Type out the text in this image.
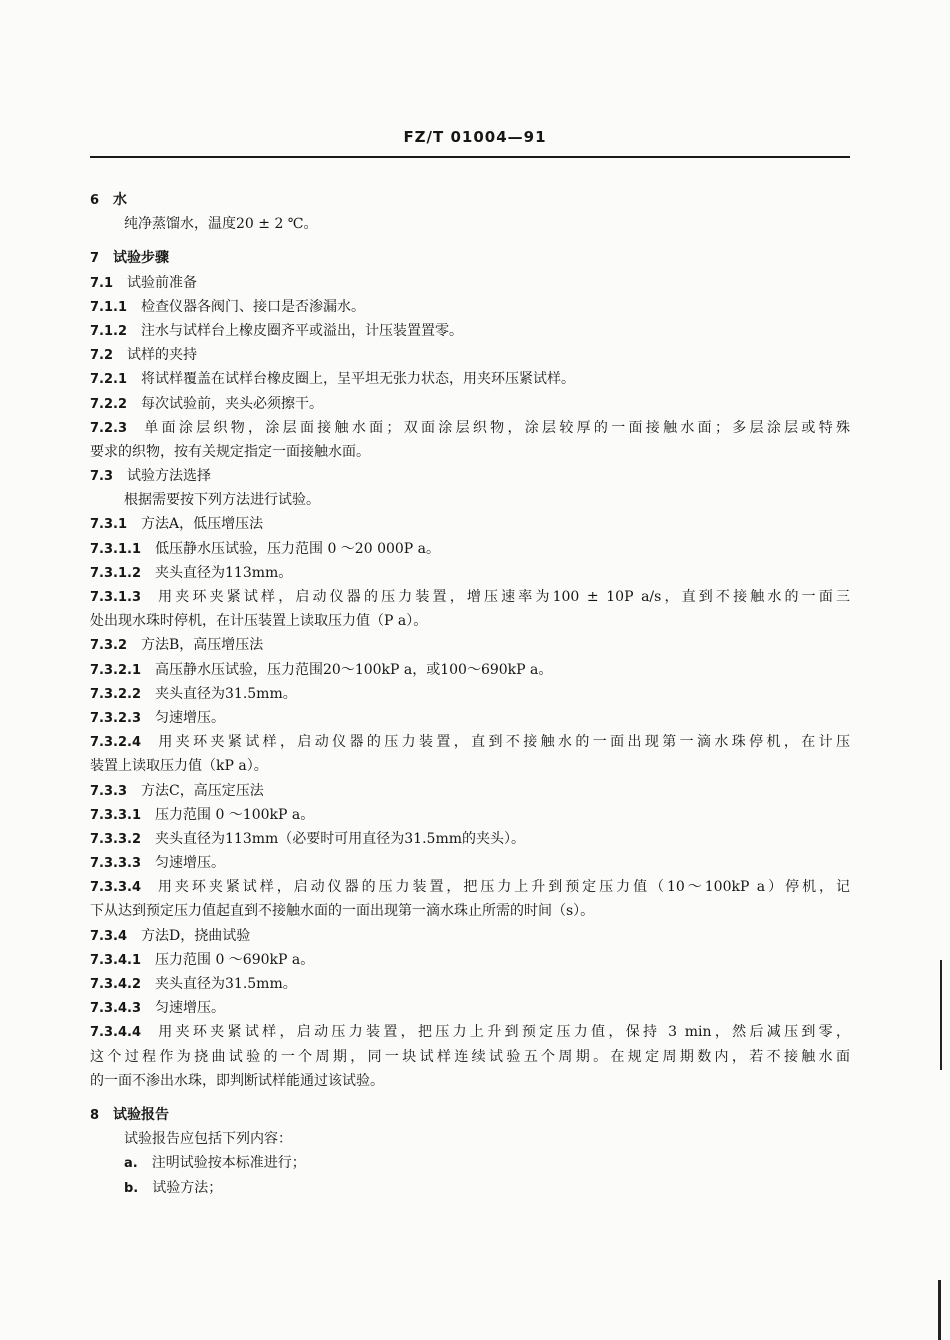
FZ/T 01004—91
6 水
纯净蒸馏水，温度20 ± 2 ℃。
7 试验步骤
7.1 试验前准备
7.1.1 检查仪器各阀门、接口是否渗漏水。
7.1.2 注水与试样台上橡皮圈齐平或溢出，计压装置置零。
7.2 试样的夹持
7.2.1 将试样覆盖在试样台橡皮圈上，呈平坦无张力状态，用夹环压紧试样。
7.2.2 每次试验前，夹头必须擦干。
7.2.3 单面涂层织物，涂层面接触水面；双面涂层织物，涂层较厚的一面接触水面；多层涂层或特殊
要求的织物，按有关规定指定一面接触水面。
7.3 试验方法选择
根据需要按下列方法进行试验。
7.3.1 方法A，低压增压法
7.3.1.1 低压静水压试验，压力范围 0 ～20 000P a。
7.3.1.2 夹头直径为113mm。
7.3.1.3 用夹环夹紧试样，启动仪器的压力装置，增压速率为100 ± 10P a/s，直到不接触水的一面三
处出现水珠时停机，在计压装置上读取压力值（P a）。
7.3.2 方法B，高压增压法
7.3.2.1 高压静水压试验，压力范围20～100kP a，或100～690kP a。
7.3.2.2 夹头直径为31.5mm。
7.3.2.3 匀速增压。
7.3.2.4 用夹环夹紧试样，启动仪器的压力装置，直到不接触水的一面出现第一滴水珠停机，在计压
装置上读取压力值（kP a）。
7.3.3 方法C，高压定压法
7.3.3.1 压力范围 0 ～100kP a。
7.3.3.2 夹头直径为113mm（必要时可用直径为31.5mm的夹头）。
7.3.3.3 匀速增压。
7.3.3.4 用夹环夹紧试样，启动仪器的压力装置，把压力上升到预定压力值（10～100kP a）停机，记
下从达到预定压力值起直到不接触水面的一面出现第一滴水珠止所需的时间（s）。
7.3.4 方法D，挠曲试验
7.3.4.1 压力范围 0 ～690kP a。
7.3.4.2 夹头直径为31.5mm。
7.3.4.3 匀速增压。
7.3.4.4 用夹环夹紧试样，启动压力装置，把压力上升到预定压力值，保持 3 min，然后减压到零，
这个过程作为挠曲试验的一个周期，同一块试样连续试验五个周期。在规定周期数内，若不接触水面
的一面不渗出水珠，即判断试样能通过该试验。
8 试验报告
试验报告应包括下列内容：
a. 注明试验按本标准进行；
b. 试验方法；
